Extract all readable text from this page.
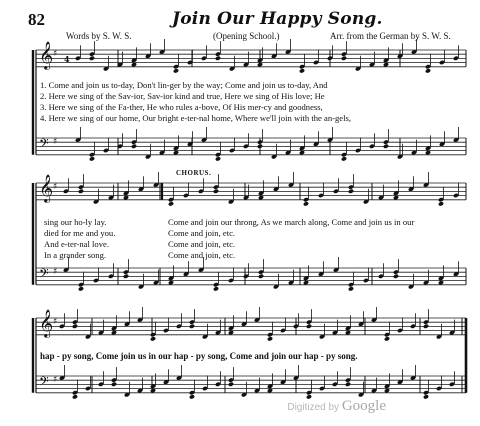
𝄞
𝄢
♯
♯
4
𝄞
𝄢
♯
♯
𝄞
𝄢
♯
♯
82	Join Our Happy Song.
Words by S. W. S.	(Opening School.)	Arr. from the German by S. W. S.
1. Come and join us to-day, Don't lin-ger by the way; Come and join us to-day, And
2. Here we sing of the Sav-ior, Sav-ior kind and true, Here we sing of His love; He
3. Here we sing of the Fa-ther, He who rules a-bove, Of His mer-cy and goodness,
4. Here we sing of our home, Our bright e-ter-nal home, Where we'll join with the an-gels,
CHORUS.
sing our ho-ly lay.
died for me and you.
And e-ter-nal love.
In a grander song.
Come and join our throng, As we march along, Come and join us in our
Come and join, etc.
Come and join, etc.
Come and join, etc.
hap - py song, Come join us in our hap - py song, Come and join our hap - py song.
Digitized by Google
